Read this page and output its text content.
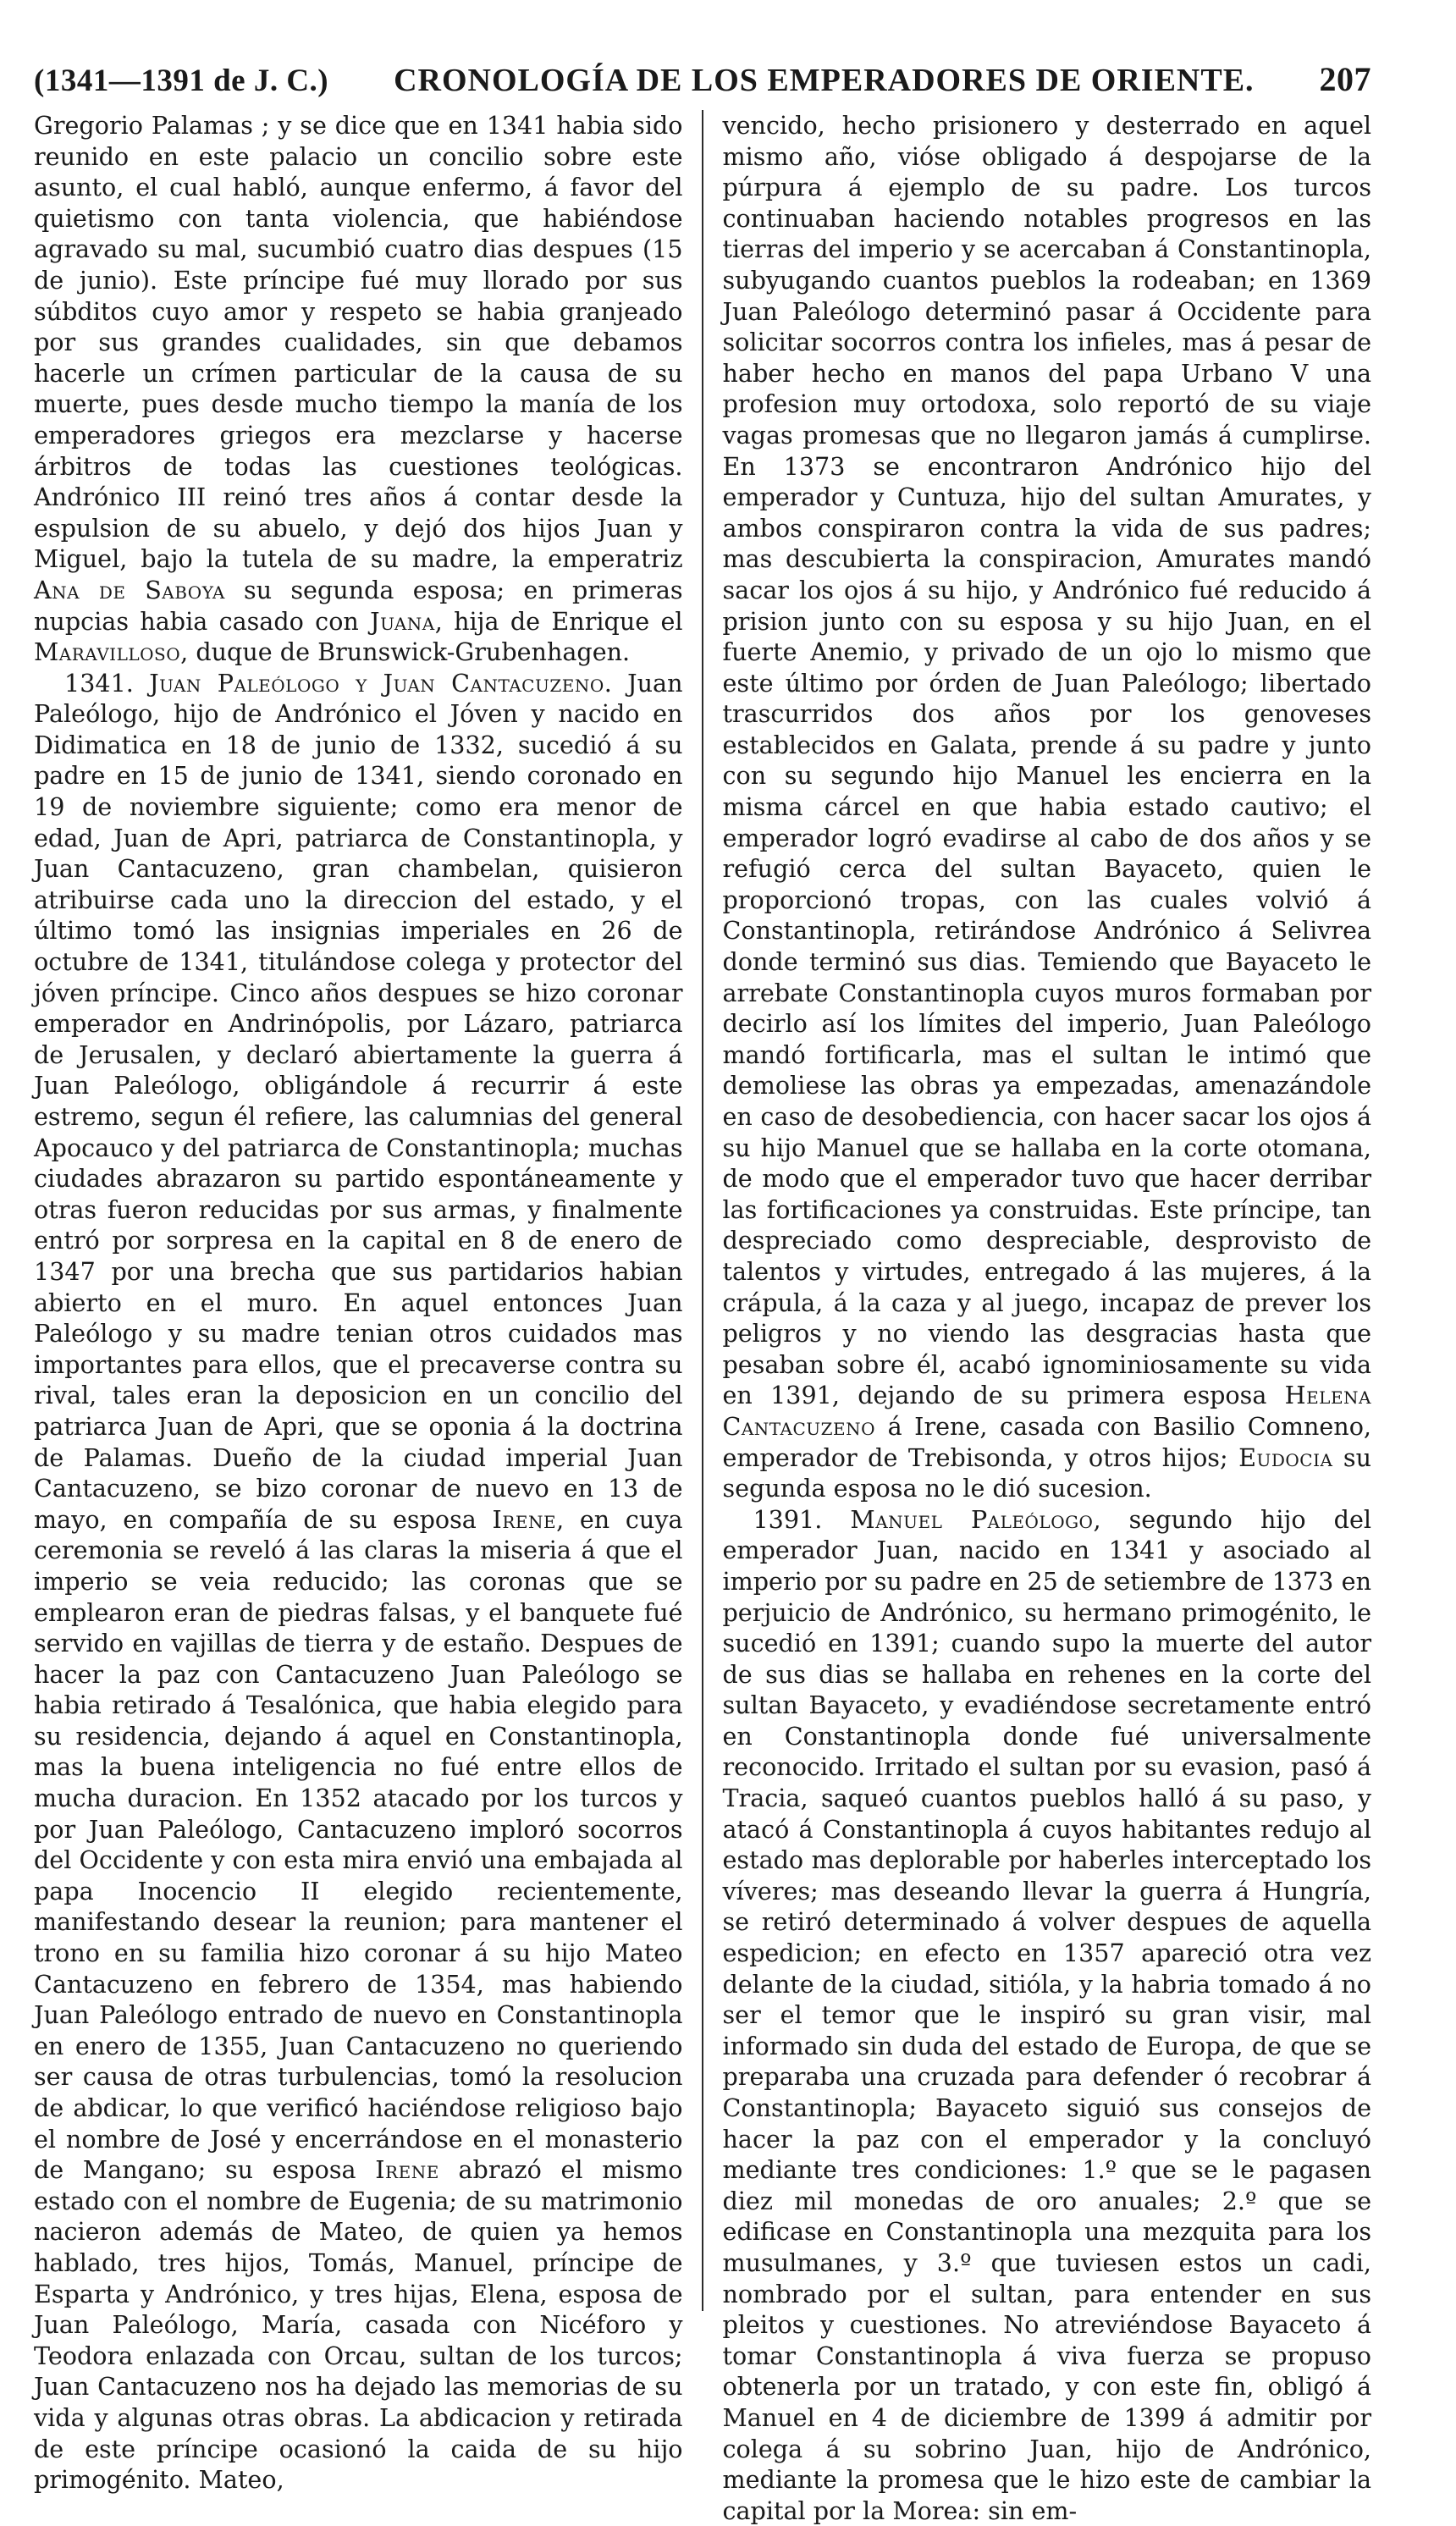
(1341—1391 de J. C.) CRONOLOGÍA DE LOS EMPERADORES DE ORIENTE. 207

Gregorio Palamas ; y se dice que en 1341 habia sido reunido en este palacio un concilio sobre este asunto, el cual habló, aunque enfermo, á favor del quietismo con tanta violencia, que habiéndose agravado su mal, sucumbió cuatro dias despues (15 de junio). Este príncipe fué muy llorado por sus súbditos cuyo amor y respeto se habia granjeado por sus grandes cualidades, sin que debamos hacerle un crímen particular de la causa de su muerte, pues desde mucho tiempo la manía de los emperadores griegos era mezclarse y hacerse árbitros de todas las cuestiones teológicas. Andrónico III reinó tres años á contar desde la espulsion de su abuelo, y dejó dos hijos Juan y Miguel, bajo la tutela de su madre, la emperatriz Ana de Saboya su segunda esposa; en primeras nupcias habia casado con Juana, hija de Enrique el Maravilloso, duque de Brunswick-Grubenhagen.

1341. Juan Paleólogo y Juan Cantacuzeno. Juan Paleólogo, hijo de Andrónico el Jóven y nacido en Didimatica en 18 de junio de 1332, sucedió á su padre en 15 de junio de 1341, siendo coronado en 19 de noviembre siguiente; como era menor de edad, Juan de Apri, patriarca de Constantinopla, y Juan Cantacuzeno, gran chambelan, quisieron atribuirse cada uno la direccion del estado, y el último tomó las insignias imperiales en 26 de octubre de 1341, titulándose colega y protector del jóven príncipe. Cinco años despues se hizo coronar emperador en Andrinópolis, por Lázaro, patriarca de Jerusalen, y declaró abiertamente la guerra á Juan Paleólogo, obligándole á recurrir á este estremo, segun él refiere, las calumnias del general Apocauco y del patriarca de Constantinopla; muchas ciudades abrazaron su partido espontáneamente y otras fueron reducidas por sus armas, y finalmente entró por sorpresa en la capital en 8 de enero de 1347 por una brecha que sus partidarios habian abierto en el muro. En aquel entonces Juan Paleólogo y su madre tenian otros cuidados mas importantes para ellos, que el precaverse contra su rival, tales eran la deposicion en un concilio del patriarca Juan de Apri, que se oponia á la doctrina de Palamas. Dueño de la ciudad imperial Juan Cantacuzeno, se bizo coronar de nuevo en 13 de mayo, en compañía de su esposa Irene, en cuya ceremonia se reveló á las claras la miseria á que el imperio se veia reducido; las coronas que se emplearon eran de piedras falsas, y el banquete fué servido en vajillas de tierra y de estaño. Despues de hacer la paz con Cantacuzeno Juan Paleólogo se habia retirado á Tesalónica, que habia elegido para su residencia, dejando á aquel en Constantinopla, mas la buena inteligencia no fué entre ellos de mucha duracion. En 1352 atacado por los turcos y por Juan Paleólogo, Cantacuzeno imploró socorros del Occidente y con esta mira envió una embajada al papa Inocencio II elegido recientemente, manifestando desear la reunion; para mantener el trono en su familia hizo coronar á su hijo Mateo Cantacuzeno en febrero de 1354, mas habiendo Juan Paleólogo entrado de nuevo en Constantinopla en enero de 1355, Juan Cantacuzeno no queriendo ser causa de otras turbulencias, tomó la resolucion de abdicar, lo que verificó haciéndose religioso bajo el nombre de José y encerrándose en el monasterio de Mangano; su esposa Irene abrazó el mismo estado con el nombre de Eugenia; de su matrimonio nacieron además de Mateo, de quien ya hemos hablado, tres hijos, Tomás, Manuel, príncipe de Esparta y Andrónico, y tres hijas, Elena, esposa de Juan Paleólogo, María, casada con Nicéforo y Teodora enlazada con Orcau, sultan de los turcos; Juan Cantacuzeno nos ha dejado las memorias de su vida y algunas otras obras. La abdicacion y retirada de este príncipe ocasionó la caida de su hijo primogénito. Mateo,

vencido, hecho prisionero y desterrado en aquel mismo año, vióse obligado á despojarse de la púrpura á ejemplo de su padre. Los turcos continuaban haciendo notables progresos en las tierras del imperio y se acercaban á Constantinopla, subyugando cuantos pueblos la rodeaban; en 1369 Juan Paleólogo determinó pasar á Occidente para solicitar socorros contra los infieles, mas á pesar de haber hecho en manos del papa Urbano V una profesion muy ortodoxa, solo reportó de su viaje vagas promesas que no llegaron jamás á cumplirse. En 1373 se encontraron Andrónico hijo del emperador y Cuntuza, hijo del sultan Amurates, y ambos conspiraron contra la vida de sus padres; mas descubierta la conspiracion, Amurates mandó sacar los ojos á su hijo, y Andrónico fué reducido á prision junto con su esposa y su hijo Juan, en el fuerte Anemio, y privado de un ojo lo mismo que este último por órden de Juan Paleólogo; libertado trascurridos dos años por los genoveses establecidos en Galata, prende á su padre y junto con su segundo hijo Manuel les encierra en la misma cárcel en que habia estado cautivo; el emperador logró evadirse al cabo de dos años y se refugió cerca del sultan Bayaceto, quien le proporcionó tropas, con las cuales volvió á Constantinopla, retirándose Andrónico á Selivrea donde terminó sus dias. Temiendo que Bayaceto le arrebate Constantinopla cuyos muros formaban por decirlo así los límites del imperio, Juan Paleólogo mandó fortificarla, mas el sultan le intimó que demoliese las obras ya empezadas, amenazándole en caso de desobediencia, con hacer sacar los ojos á su hijo Manuel que se hallaba en la corte otomana, de modo que el emperador tuvo que hacer derribar las fortificaciones ya construidas. Este príncipe, tan despreciado como despreciable, desprovisto de talentos y virtudes, entregado á las mujeres, á la crápula, á la caza y al juego, incapaz de prever los peligros y no viendo las desgracias hasta que pesaban sobre él, acabó ignominiosamente su vida en 1391, dejando de su primera esposa Helena Cantacuzeno á Irene, casada con Basilio Comneno, emperador de Trebisonda, y otros hijos; Eudocia su segunda esposa no le dió sucesion.

1391. Manuel Paleólogo, segundo hijo del emperador Juan, nacido en 1341 y asociado al imperio por su padre en 25 de setiembre de 1373 en perjuicio de Andrónico, su hermano primogénito, le sucedió en 1391; cuando supo la muerte del autor de sus dias se hallaba en rehenes en la corte del sultan Bayaceto, y evadiéndose secretamente entró en Constantinopla donde fué universalmente reconocido. Irritado el sultan por su evasion, pasó á Tracia, saqueó cuantos pueblos halló á su paso, y atacó á Constantinopla á cuyos habitantes redujo al estado mas deplorable por haberles interceptado los víveres; mas deseando llevar la guerra á Hungría, se retiró determinado á volver despues de aquella espedicion; en efecto en 1357 apareció otra vez delante de la ciudad, sitióla, y la habria tomado á no ser el temor que le inspiró su gran visir, mal informado sin duda del estado de Europa, de que se preparaba una cruzada para defender ó recobrar á Constantinopla; Bayaceto siguió sus consejos de hacer la paz con el emperador y la concluyó mediante tres condiciones: 1.º que se le pagasen diez mil monedas de oro anuales; 2.º que se edificase en Constantinopla una mezquita para los musulmanes, y 3.º que tuviesen estos un cadi, nombrado por el sultan, para entender en sus pleitos y cuestiones. No atreviéndose Bayaceto á tomar Constantinopla á viva fuerza se propuso obtenerla por un tratado, y con este fin, obligó á Manuel en 4 de diciembre de 1399 á admitir por colega á su sobrino Juan, hijo de Andrónico, mediante la promesa que le hizo este de cambiar la capital por la Morea: sin em-
